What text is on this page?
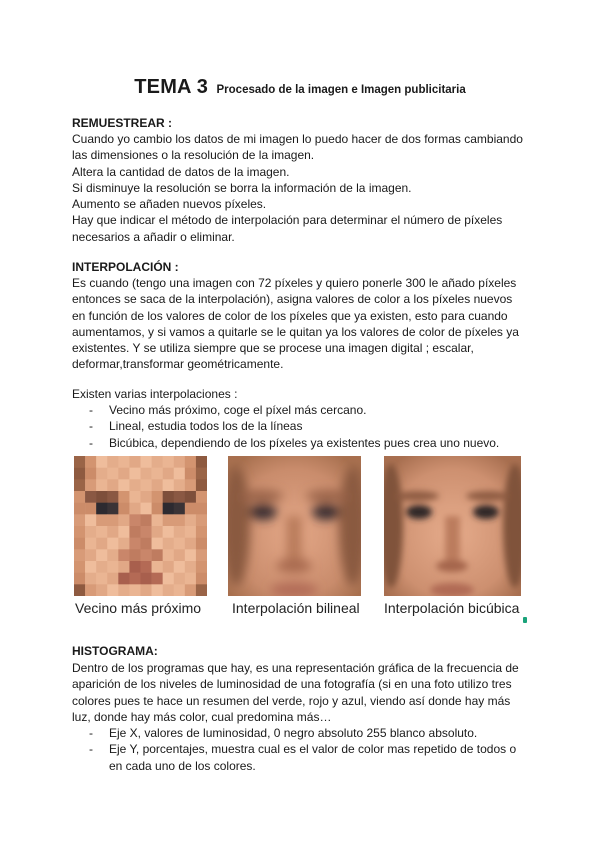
TEMA 3 Procesado de la imagen e Imagen publicitaria
REMUESTREAR :
Cuando yo cambio los datos de mi imagen lo puedo hacer de dos formas cambiando
las dimensiones o la resolución de la imagen.
Altera la cantidad de datos de la imagen.
Si disminuye la resolución se borra la información de la imagen.
Aumento se añaden nuevos píxeles.
Hay que indicar el método de interpolación para determinar el número de píxeles
necesarios a añadir o eliminar.
INTERPOLACIÓN :
Es cuando (tengo una imagen con 72 píxeles y quiero ponerle 300 le añado píxeles
entonces se saca de la interpolación), asigna valores de color a los píxeles nuevos
en función de los valores de color de los píxeles que ya existen, esto para cuando
aumentamos, y si vamos a quitarle se le quitan ya los valores de color de píxeles ya
existentes. Y se utiliza siempre que se procese una imagen digital ; escalar,
deformar,transformar geométricamente.
Existen varias interpolaciones :
- Vecino más próximo, coge el píxel más cercano.
- Lineal, estudia todos los de la líneas
- Bicúbica, dependiendo de los píxeles ya existentes pues crea uno nuevo.
Vecino más próximo Interpolación bilineal Interpolación bicúbica
HISTOGRAMA:
Dentro de los programas que hay, es una representación gráfica de la frecuencia de
aparición de los niveles de luminosidad de una fotografía (si en una foto utilizo tres
colores pues te hace un resumen del verde, rojo y azul, viendo así donde hay más
luz, donde hay más color, cual predomina más…
- Eje X, valores de luminosidad, 0 negro absoluto 255 blanco absoluto.
- Eje Y, porcentajes, muestra cual es el valor de color mas repetido de todos o
en cada uno de los colores.
